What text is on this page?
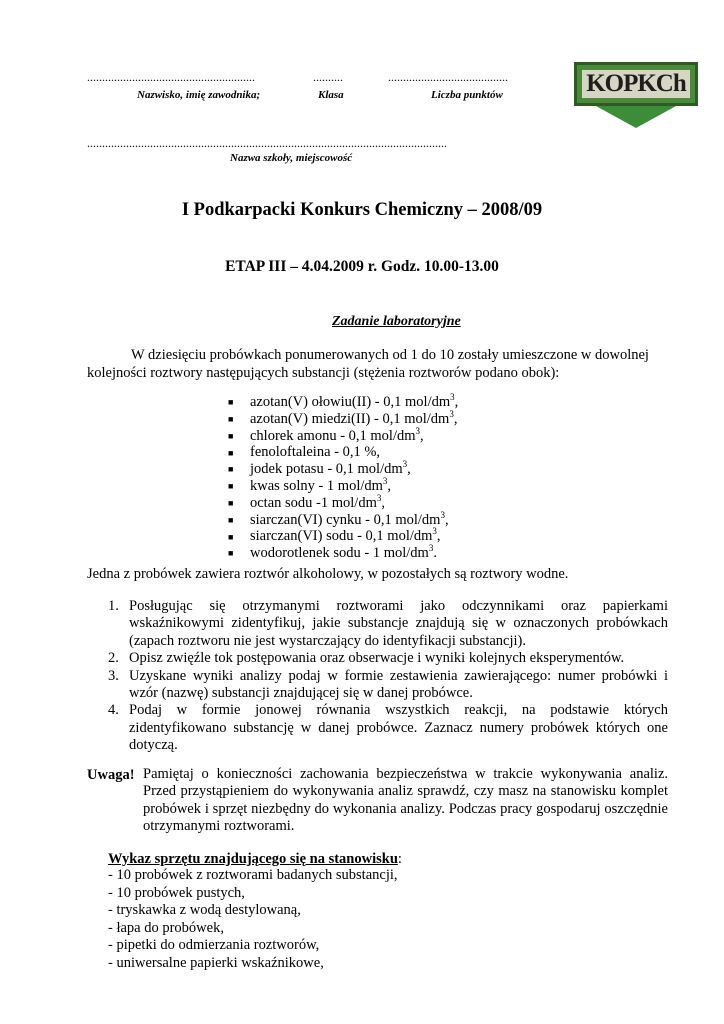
........................................................	..........	........................................
Nazwisko, imię zawodnika;	Klasa	Liczba punktów
........................................................................................................................
Nazwa szkoły, miejscowość
KOPKCh
I Podkarpacki Konkurs Chemiczny – 2008/09
ETAP III – 4.04.2009 r. Godz. 10.00-13.00
Zadanie laboratoryjne
W dziesięciu probówkach ponumerowanych od 1 do 10 zostały umieszczone w dowolnej
kolejności roztwory następujących substancji (stężenia roztworów podano obok):
■ azotan(V) ołowiu(II) - 0,1 mol/$dm^3$,
■ azotan(V) miedzi(II) - 0,1 mol/$dm^3$,
■ chlorek amonu - 0,1 mol/$dm^3$,
■ fenoloftaleina - 0,1 %,
■ jodek potasu - 0,1 mol/$dm^3$,
■ kwas solny - 1 mol/$dm^3$,
■ octan sodu -1 mol/$dm^3$,
■ siarczan(VI) cynku - 0,1 mol/$dm^3$,
■ siarczan(VI) sodu - 0,1 mol/$dm^3$,
■ wodorotlenek sodu - 1 mol/$dm^3$.
Jedna z probówek zawiera roztwór alkoholowy, w pozostałych są roztwory wodne.
1. Posługując się otrzymanymi roztworami jako odczynnikami oraz papierkami wskaźnikowymi zidentyfikuj, jakie substancje znajdują się w oznaczonych probówkach (zapach roztworu nie jest wystarczający do identyfikacji substancji).
2. Opisz zwięźle tok postępowania oraz obserwacje i wyniki kolejnych eksperymentów.
3. Uzyskane wyniki analizy podaj w formie zestawienia zawierającego: numer probówki i wzór (nazwę) substancji znajdującej się w danej probówce.
4. Podaj w formie jonowej równania wszystkich reakcji, na podstawie których zidentyfikowano substancję w danej probówce. Zaznacz numery probówek których one dotyczą.
Uwaga! Pamiętaj o konieczności zachowania bezpieczeństwa w trakcie wykonywania analiz. Przed przystąpieniem do wykonywania analiz sprawdź, czy masz na stanowisku komplet probówek i sprzęt niezbędny do wykonania analizy. Podczas pracy gospodaruj oszczędnie otrzymanymi roztworami.
Wykaz sprzętu znajdującego się na stanowisku:
- 10 probówek z roztworami badanych substancji,
- 10 probówek pustych,
- tryskawka z wodą destylowaną,
- łapa do probówek,
- pipetki do odmierzania roztworów,
- uniwersalne papierki wskaźnikowe,
